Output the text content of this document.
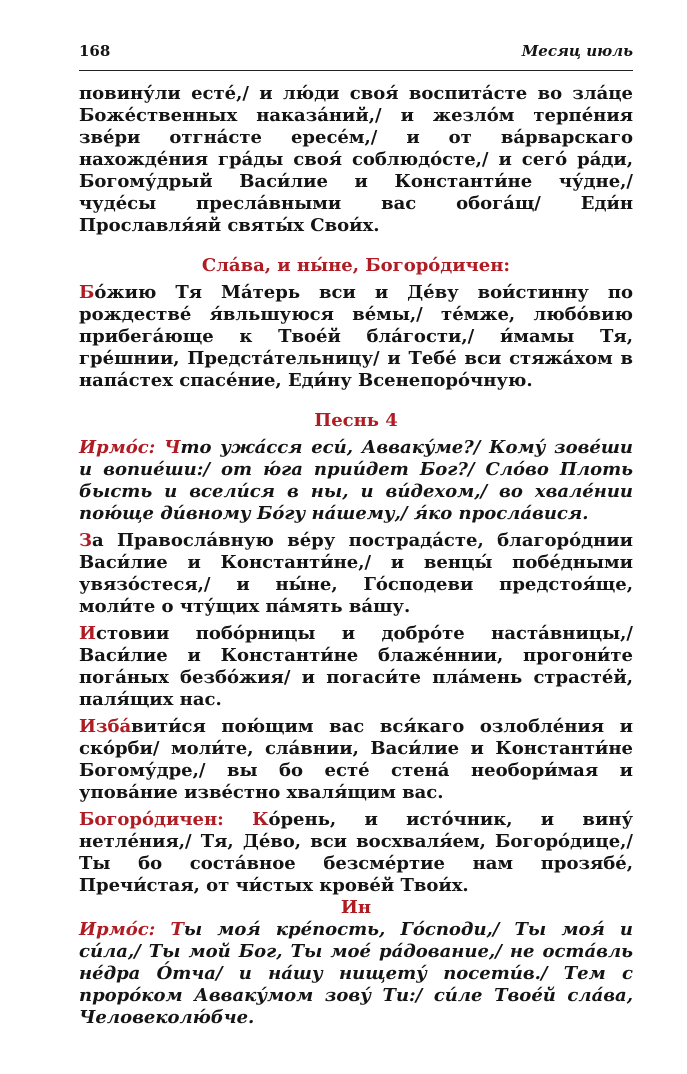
168	Месяц июль

повину́ли есте́,/ и лю́ди своя́ воспита́сте во зла́це Боже́ственных наказа́ний,/ и жезло́м терпе́ния зве́ри отгна́сте ересе́м,/ и от ва́рварскаго нахожде́ния гра́ды своя́ соблюдо́сте,/ и сего́ ра́ди, Богому́дрый Васи́лие и Константи́не чу́дне,/ чуде́сы пресла́вными вас обога́щ/ Еди́н Прославля́яй святы́х Свои́х.

Сла́ва, и ны́не, Богоро́дичен:

Бо́жию Тя Ма́терь вси и Де́ву вои́стинну по рождестве́ я́вльшуюся ве́мы,/ те́мже, любо́вию прибега́юще к Твое́й бла́гости,/ и́мамы Тя, гре́шнии, Предста́тельницу/ и Тебе́ вси стяжа́хом в напа́стех спасе́ние, Еди́ну Всенепоро́чную.

Песнь 4

Ирмо́с: Что ужа́сся еси́, Аввaку́ме?/ Кому́ зове́ши и вопие́ши:/ от ю́га прии́дет Бог?/ Сло́во Плоть бысть и всели́ся в ны, и ви́дехом,/ во хвале́нии пою́ще ди́вному Бо́гу на́шему,/ я́ко просла́вися.

За Правосла́вную ве́ру пострада́сте, благоро́днии Васи́лие и Константи́не,/ и венцы́ побе́дными увязо́стеся,/ и ны́не, Го́сподеви предстоя́ще, моли́те о чту́щих па́мять ва́шу.

Истовии побо́рницы и добро́те наста́вницы,/ Васи́лие и Константи́не блаже́ннии, прогони́те пога́ных безбо́жия/ и погаси́те пла́мень страсте́й, паля́щих нас.

Изба́вити́ся пою́щим вас вся́каго озлобле́ния и ско́рби/ моли́те, сла́внии, Васи́лие и Константи́не Богому́дре,/ вы бо есте́ стена́ необори́мая и упова́ние изве́стно хваля́щим вас.

Богоро́дичен: Ко́рень, и исто́чник, и вину́ нетле́ния,/ Тя, Де́во, вси восхваля́ем, Богоро́дице,/ Ты бо соста́вное безсме́ртие нам прозябе́, Пречи́стая, от чи́стых крове́й Твои́х.

Ин

Ирмо́с: Ты моя́ кре́пость, Го́споди,/ Ты моя́ и си́ла,/ Ты мой Бог, Ты мое́ ра́дование,/ не оста́вль не́дра О́тча/ и на́шу нищету́ посети́в./ Тем с проро́ком Аввaку́мом зову́ Ти:/ си́ле Твое́й сла́ва, Человеколю́бче.
